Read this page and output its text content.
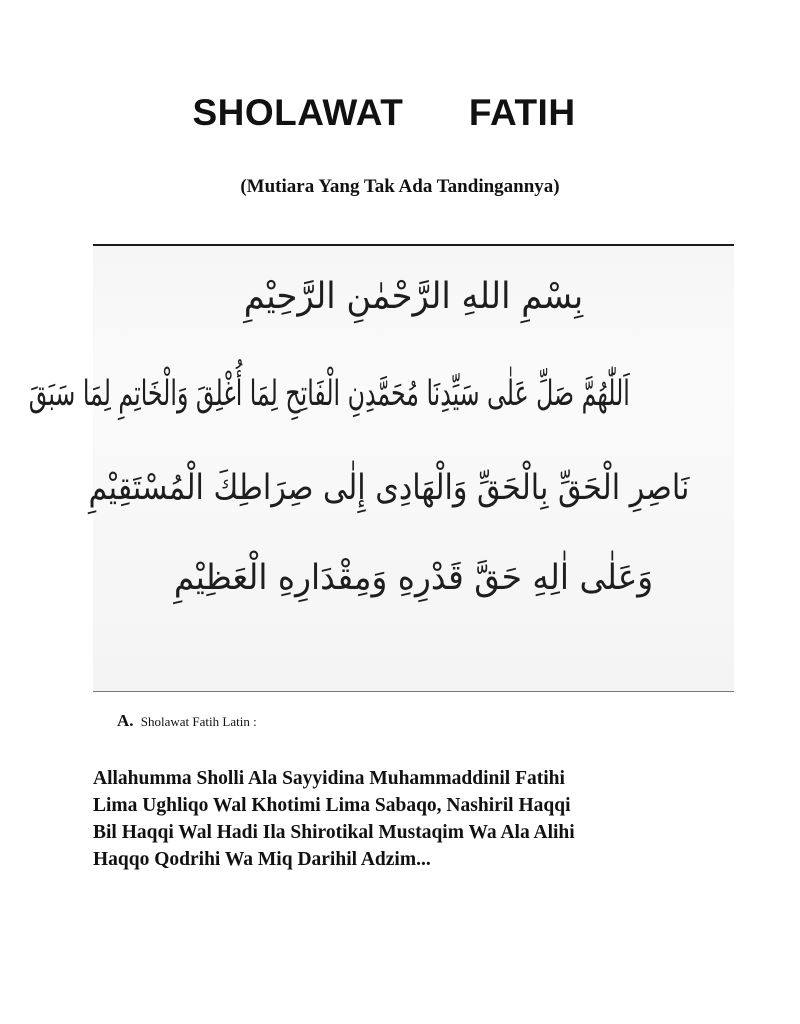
SHOLAWAT  FATIH
(Mutiara Yang Tak Ada Tandingannya)
بِسْمِ اللهِ الرَّحْمٰنِ الرَّحِيْمِ
اَللّٰهُمَّ صَلِّ عَلٰى سَيِّدِنَا مُحَمَّدِنِ الْفَاتِحِ لِمَا أُغْلِقَ وَالْخَاتِمِ لِمَا سَبَقَ
نَاصِرِ الْحَقِّ بِالْحَقِّ وَالْهَادِى إِلٰى صِرَاطِكَ الْمُسْتَقِيْمِ
وَعَلٰى اٰلِهِ حَقَّ قَدْرِهِ وَمِقْدَارِهِ الْعَظِيْمِ
A. Sholawat Fatih Latin :

Allahumma Sholli Ala Sayyidina Muhammaddinil Fatihi
Lima Ughliqo Wal Khotimi Lima Sabaqo, Nashiril Haqqi
Bil Haqqi Wal Hadi Ila Shirotikal Mustaqim Wa Ala Alihi
Haqqo Qodrihi Wa Miq Darihil Adzim...
